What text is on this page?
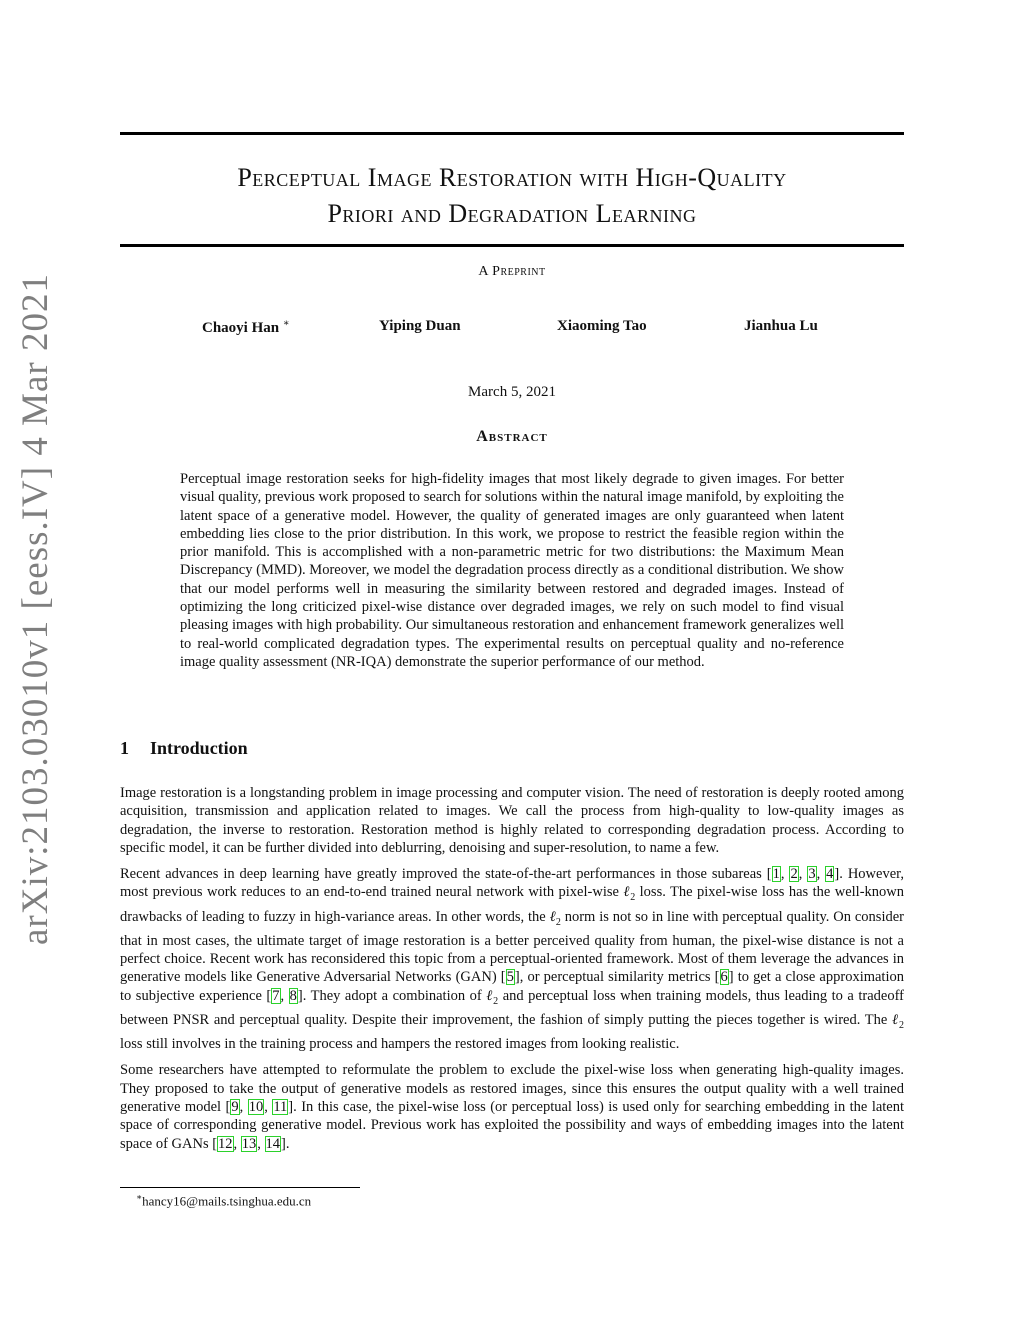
arXiv:2103.03010v1 [eess.IV] 4 Mar 2021
Perceptual Image Restoration with High-Quality
Priori and Degradation Learning
A Preprint
Chaoyi Han ∗	Yiping Duan	Xiaoming Tao	Jianhua Lu
March 5, 2021
Abstract
Perceptual image restoration seeks for high-fidelity images that most likely degrade to given images. For better visual quality, previous work proposed to search for solutions within the natural image manifold, by exploiting the latent space of a generative model. However, the quality of generated images are only guaranteed when latent embedding lies close to the prior distribution. In this work, we propose to restrict the feasible region within the prior manifold. This is accomplished with a non-parametric metric for two distributions: the Maximum Mean Discrepancy (MMD). Moreover, we model the degradation process directly as a conditional distribution. We show that our model performs well in measuring the similarity between restored and degraded images. Instead of optimizing the long criticized pixel-wise distance over degraded images, we rely on such model to find visual pleasing images with high probability. Our simultaneous restoration and enhancement framework generalizes well to real-world complicated degradation types. The experimental results on perceptual quality and no-reference image quality assessment (NR-IQA) demonstrate the superior performance of our method.
1 Introduction

Image restoration is a longstanding problem in image processing and computer vision. The need of restoration is deeply rooted among acquisition, transmission and application related to images. We call the process from high-quality to low-quality images as degradation, the inverse to restoration. Restoration method is highly related to corresponding degradation process. According to specific model, it can be further divided into deblurring, denoising and super-resolution, to name a few.

Recent advances in deep learning have greatly improved the state-of-the-art performances in those subareas [1, 2, 3, 4]. However, most previous work reduces to an end-to-end trained neural network with pixel-wise ℓ$_2$ loss. The pixel-wise loss has the well-known drawbacks of leading to fuzzy in high-variance areas. In other words, the ℓ$_2$ norm is not so in line with perceptual quality. On consider that in most cases, the ultimate target of image restoration is a better perceived quality from human, the pixel-wise distance is not a perfect choice. Recent work has reconsidered this topic from a perceptual-oriented framework. Most of them leverage the advances in generative models like Generative Adversarial Networks (GAN) [5], or perceptual similarity metrics [6] to get a close approximation to subjective experience [7, 8]. They adopt a combination of ℓ$_2$ and perceptual loss when training models, thus leading to a tradeoff between PNSR and perceptual quality. Despite their improvement, the fashion of simply putting the pieces together is wired. The ℓ$_2$ loss still involves in the training process and hampers the restored images from looking realistic.

Some researchers have attempted to reformulate the problem to exclude the pixel-wise loss when generating high-quality images. They proposed to take the output of generative models as restored images, since this ensures the output quality with a well trained generative model [9, 10, 11]. In this case, the pixel-wise loss (or perceptual loss) is used only for searching embedding in the latent space of corresponding generative model. Previous work has exploited the possibility and ways of embedding images into the latent space of GANs [12, 13, 14].

∗hancy16@mails.tsinghua.edu.cn
